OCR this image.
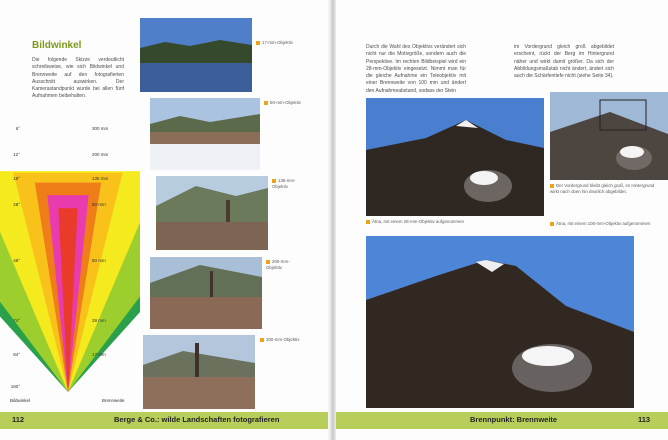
Bildwinkel
Die folgende Skizze verdeutlicht schreibweise, wie sich Bildwinkel und Brennweite auf den fotografierten Ausschnitt auswirken. Der Kamerastandpunkt wurde bei allen fünf Aufnahmen beibehalten.
6°
12°
18°
28°
46°
74°
84°
180°
300 mm
200 mm
135 mm
80 mm
50 mm
28 mm
17 mm
Bildwinkel	Brennweite
17-mm-Objektiv
50-mm-Objektiv
135-mm-Objektiv
200-mm-Objektiv
300-mm-Objektiv
112	Berge & Co.: wilde Landschaften fotografieren
Durch die Wahl des Objektivs verändert sich nicht nur die Motivgröße, sondern auch die Perspektive. Im rechten Bildbeispiel wird ein 28-mm-Objektiv eingesetzt. Nimmt man für die gleiche Aufnahme ein Teleobjektiv mit einer Brennweite von 100 mm und ändert den Aufnahmeabstand, sodass der Stein
im Vordergrund gleich groß abgebildet erscheint, rückt der Berg im Hintergrund näher und wirkt damit größer. Da sich der Abbildungsmaßstab nicht ändert, ändert sich auch die Schärfentiefe nicht (siehe Seite 34).
Ätna, mit einem 28-mm-Objektiv aufgenommen
Der Vordergrund bleibt gleich groß, im Hintergrund wirkt nach oben hin deutlich abgebildet.
Ätna, mit einem 100-mm-Objektiv aufgenommen
Brennpunkt: Brennweite	113
